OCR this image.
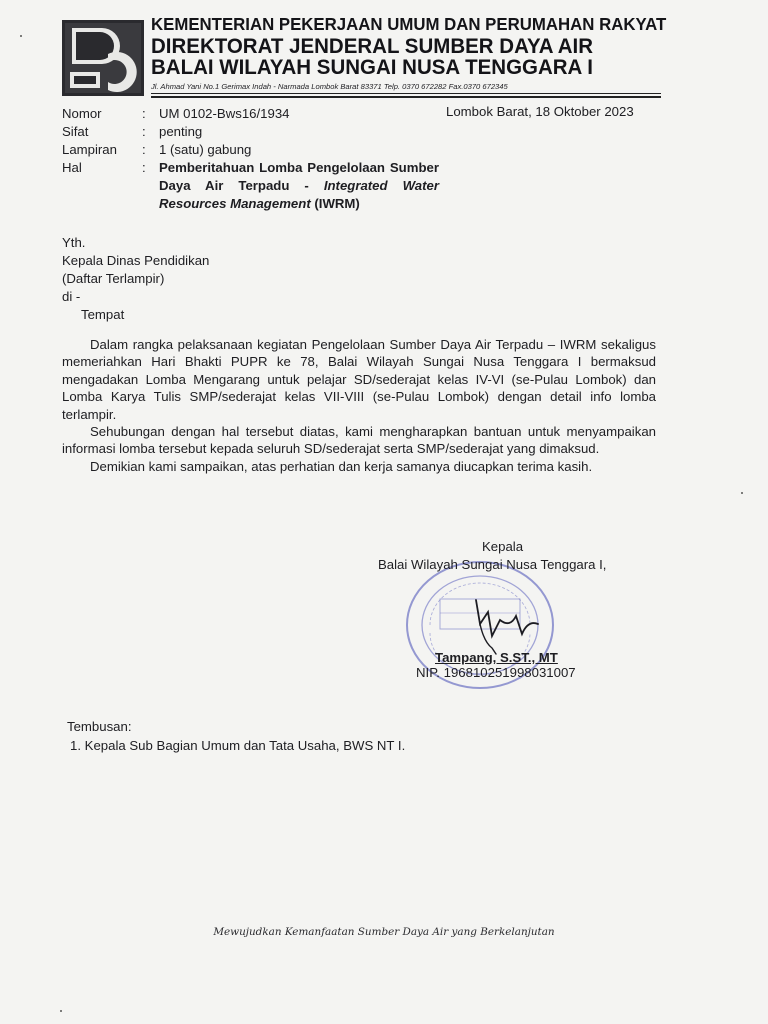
KEMENTERIAN PEKERJAAN UMUM DAN PERUMAHAN RAKYAT
DIREKTORAT JENDERAL SUMBER DAYA AIR
BALAI WILAYAH SUNGAI NUSA TENGGARA I
Jl. Ahmad Yani No.1 Gerimax Indah - Narmada Lombok Barat 83371 Telp. 0370 672282 Fax.0370 672345
Lombok Barat, 18 Oktober 2023
Nomor	:	UM 0102-Bws16/1934
Sifat	:	penting
Lampiran	:	1 (satu) gabung
Hal	:	Pemberitahuan Lomba Pengelolaan Sumber Daya Air Terpadu - Integrated Water Resources Management (IWRM)
Yth.
Kepala Dinas Pendidikan
(Daftar Terlampir)
di -
Tempat

Dalam rangka pelaksanaan kegiatan Pengelolaan Sumber Daya Air Terpadu – IWRM sekaligus memeriahkan Hari Bhakti PUPR ke 78, Balai Wilayah Sungai Nusa Tenggara I bermaksud mengadakan Lomba Mengarang untuk pelajar SD/sederajat kelas IV-VI (se-Pulau Lombok) dan Lomba Karya Tulis SMP/sederajat kelas VII-VIII (se-Pulau Lombok) dengan detail info lomba terlampir.

Sehubungan dengan hal tersebut diatas, kami mengharapkan bantuan untuk menyampaikan informasi lomba tersebut kepada seluruh SD/sederajat serta SMP/sederajat yang dimaksud.

Demikian kami sampaikan, atas perhatian dan kerja samanya diucapkan terima kasih.

Kepala
Balai Wilayah Sungai Nusa Tenggara I,
Tampang, S.ST., MT
NIP. 196810251998031007
Tembusan:
1. Kepala Sub Bagian Umum dan Tata Usaha, BWS NT I.
Mewujudkan Kemanfaatan Sumber Daya Air yang Berkelanjutan
